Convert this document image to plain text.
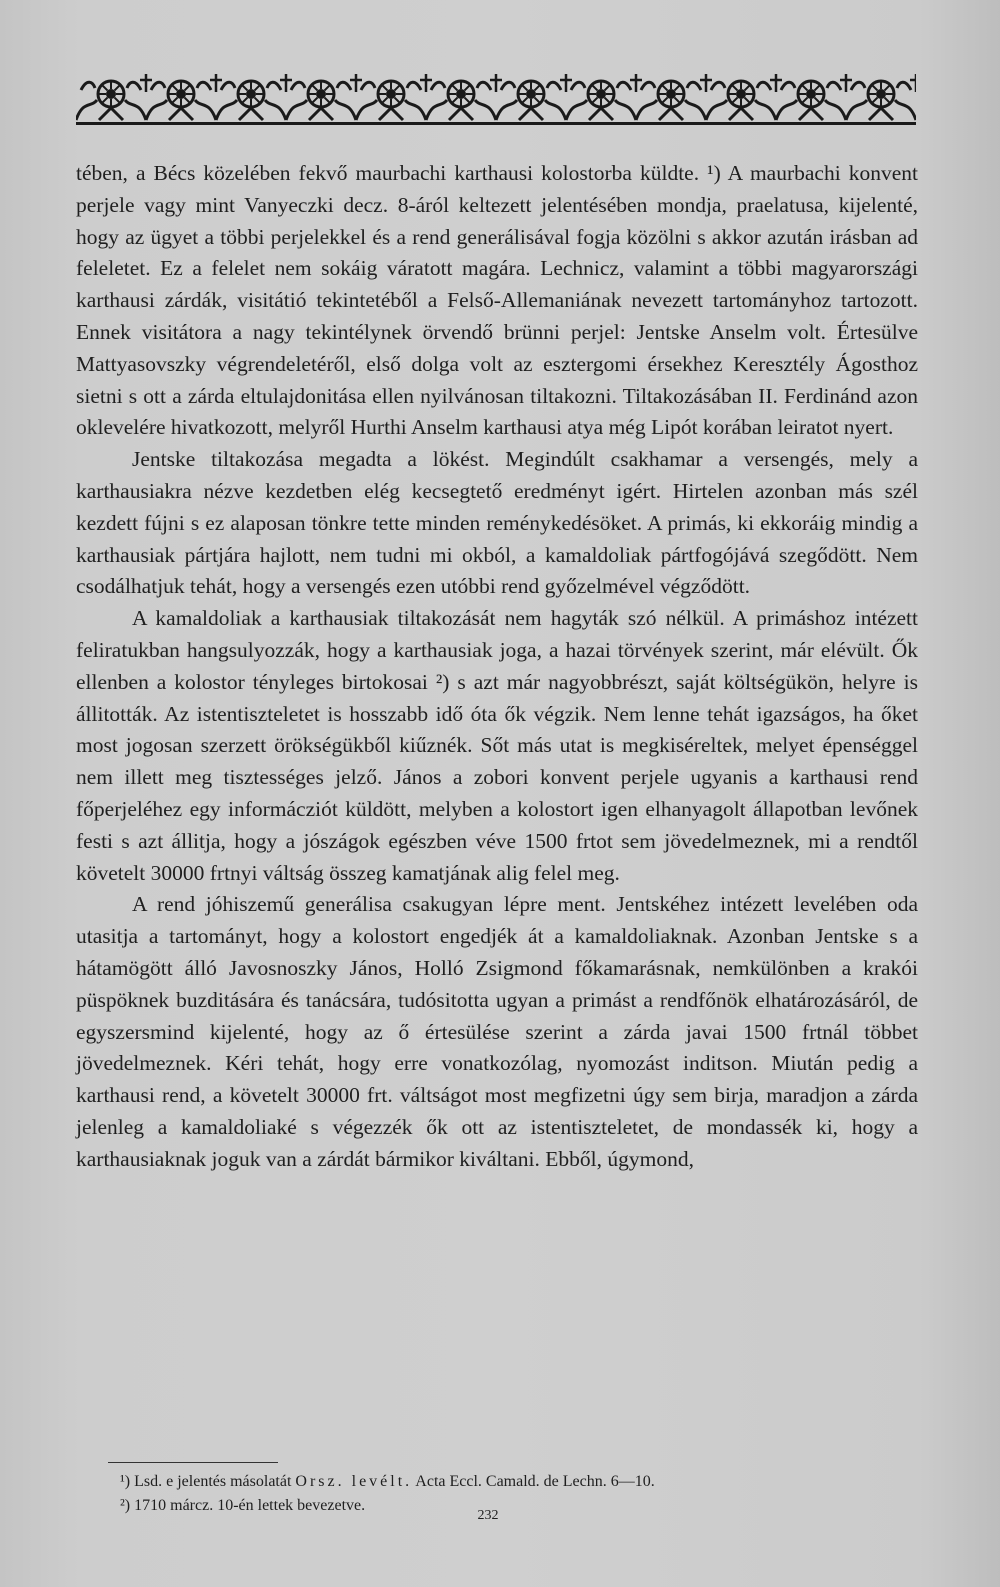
tében, a Bécs közelében fekvő maurbachi karthausi kolostorba küldte. ¹) A maurbachi konvent perjele vagy mint Vanyeczki decz. 8-áról keltezett jelentésében mondja, praelatusa, kijelenté, hogy az ügyet a többi perjelekkel és a rend generálisával fogja közölni s akkor azután irásban ad feleletet. Ez a felelet nem sokáig váratott magára. Lechnicz, valamint a többi magyarországi karthausi zárdák, visitátió tekintetéből a Felső-Allemaniának nevezett tartományhoz tartozott. Ennek visitátora a nagy tekintélynek örvendő brünni perjel: Jentske Anselm volt. Értesülve Mattyasovszky végrendeletéről, első dolga volt az esztergomi érsekhez Keresztély Ágosthoz sietni s ott a zárda eltulajdonitása ellen nyilvánosan tiltakozni. Tiltakozásában II. Ferdinánd azon oklevelére hivatkozott, melyről Hurthi Anselm karthausi atya még Lipót korában leiratot nyert.

Jentske tiltakozása megadta a lökést. Megindúlt csakhamar a versengés, mely a karthausiakra nézve kezdetben elég kecsegtető eredményt igért. Hirtelen azonban más szél kezdett fújni s ez alaposan tönkre tette minden reménykedésöket. A primás, ki ekkoráig mindig a karthausiak pártjára hajlott, nem tudni mi okból, a kamaldoliak pártfogójává szegődött. Nem csodálhatjuk tehát, hogy a versengés ezen utóbbi rend győzelmével végződött.

A kamaldoliak a karthausiak tiltakozását nem hagyták szó nélkül. A primáshoz intézett feliratukban hangsulyozzák, hogy a karthausiak joga, a hazai törvények szerint, már elévült. Ők ellenben a kolostor tényleges birtokosai ²) s azt már nagyobbrészt, saját költségükön, helyre is állitották. Az istentiszteletet is hosszabb idő óta ők végzik. Nem lenne tehát igazságos, ha őket most jogosan szerzett örökségükből kiűznék. Sőt más utat is megkiséreltek, melyet épenséggel nem illett meg tisztességes jelző. János a zobori konvent perjele ugyanis a karthausi rend főperjeléhez egy informácziót küldött, melyben a kolostort igen elhanyagolt állapotban levőnek festi s azt állitja, hogy a jószágok egészben véve 1500 frtot sem jövedelmeznek, mi a rendtől követelt 30000 frtnyi váltság összeg kamatjának alig felel meg.

A rend jóhiszemű generálisa csakugyan lépre ment. Jentskéhez intézett levelében oda utasitja a tartományt, hogy a kolostort engedjék át a kamaldoliaknak. Azonban Jentske s a hátamögött álló Javosnoszky János, Holló Zsigmond főkamarásnak, nemkülönben a krakói püspöknek buzditására és tanácsára, tudósitotta ugyan a primást a rendfőnök elhatározásáról, de egyszersmind kijelenté, hogy az ő értesülése szerint a zárda javai 1500 frtnál többet jövedelmeznek. Kéri tehát, hogy erre vonatkozólag, nyomozást inditson. Miután pedig a karthausi rend, a követelt 30000 frt. váltságot most megfizetni úgy sem birja, maradjon a zárda jelenleg a kamaldoliaké s végezzék ők ott az istentiszteletet, de mondassék ki, hogy a karthausiaknak joguk van a zárdát bármikor kiváltani. Ebből, úgymond,

¹) Lsd. e jelentés másolatát Orsz. levélt. Acta Eccl. Camald. de Lechn. 6—10.
²) 1710 márcz. 10-én lettek bevezetve.
232
